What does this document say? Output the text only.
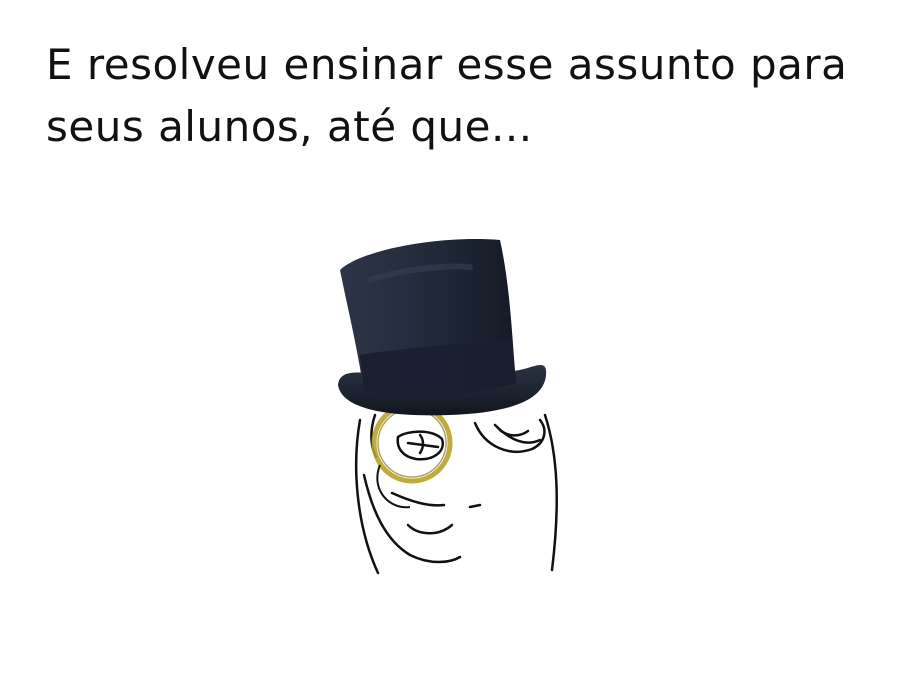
E resolveu ensinar esse assunto para
seus alunos, até que...
